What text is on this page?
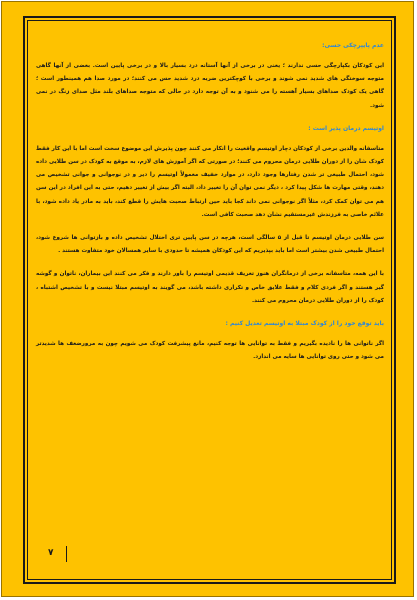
عدم پایپرچکی حسی:

این کودکان بکپارچگی حسی ندارند ؛ یعنی در برخی از آنها آستانه درد بسیار بالا و در برخی پایین است. بعضی از آنها گاهی متوجه سوختگی های شدید نمی شوند و برخی با کوچکترین ضربه درد شدید حس می کنند؛ در مورد صدا هم همینطور است ؛ گاهی یک کودک صداهای بسیار آهسته را می شنود و به آن توجه دارد در حالی که متوجه صداهای بلند مثل صدای زنگ در نمی شود.

اوتیسم درمان پذیر است :

متاسفانه والدین برخی از کودکان دچار اوتیسم واقعیت را انکار می کنند چون پذیرش این موضوع سخت است اما با این کار فقط کودک شان را از دوران طلایی درمان محروم می کنند؛ در صورتی که اگر آموزش های لازم، به موقع به کودک در سن طلایی داده شود، احتمال طبیعی تر شدن رفتارها وجود دارد، در موارد خفیف معمولاً اوتیسم را دیر و در نوجوانی و جوانی تشخیص می دهند، وقتی مهارت ها شکل پیدا کرد ، دیگر نمی توان آن را تغییر داد، البته اگر بیش از تغییر دهیم، حتی به این افراد در این سن هم می توان کمک کرد، مثلاً اگر نوجوانی نمی داند کجا باید حین ارتباط صحبت هایش را قطع کند، باید به مادر یاد داده شود، با علائم خاصی به فرزندش غیرمستقیم نشان دهد صحبت کافی است.

سن طلایی درمان اوتیسم تا قبل از ۵ سالگی است، هرچه در سن پایین تری اختلال تشخیص داده و بازتوانی ها شروع شود، احتمال طبیعی شدن بیشتر است اما باید بپذیریم که این کودکان همیشه تا حدودی با سایر همسالان خود متفاوت هستند .

با این همه، متاسفانه برخی از درمانگران هنوز تعریف قدیمی اوتیسم را باور دارند و فکر می کنند این بیماران، ناتوان و گوشه گیر هستند و اگر فردی کلام و فقط علایق خاص و تکراری داشته باشد، می گویند به اوتیسم مبتلا نیست و با تشخیص اشتباه ، کودک را از دوران طلایی درمان محروم می کنند.

باید توقع خود را از کودک مبتلا به اوتیسم تعدیل کنیم :

اگر ناتوانی ها را نادیده بگیریم و فقط به توانایی ها توجه کنیم، مانع پیشرفت کودک می شویم چون به مرورضعف ها شدیدتر می شود و حتی روی توانایی ها سایه می اندازد.

۷
